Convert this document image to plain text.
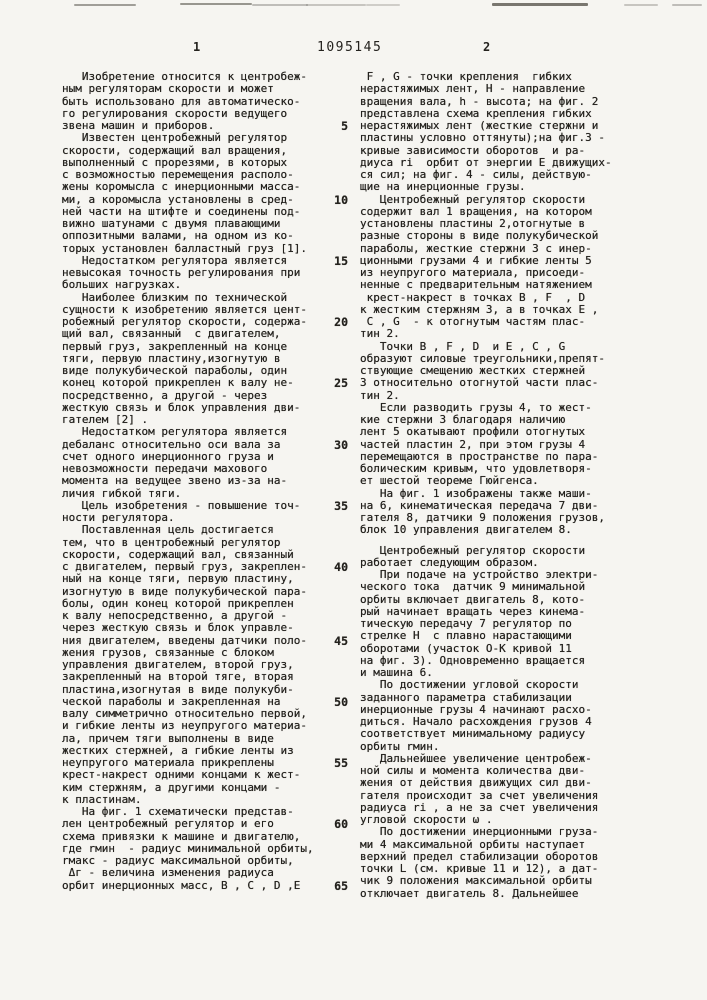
1	1095145	2
Изобретение относится к центробеж-
ным регуляторам скорости и может
быть использовано для автоматическо-
го регулирования скорости ведущего
звена машин и приборов.
Известен центробежный регулятор
скорости, содержащий вал вращения,
выполненный с прорезями, в которых
с возможностью перемещения располо-
жены коромысла с инерционными масса-
ми, а коромысла установлены в сред-
ней части на штифте и соединены под-
вижно шатунами с двумя плавающими
оппозитными валами, на одном из ко-
торых установлен балластный груз [1].
Недостатком регулятора является
невысокая точность регулирования при
больших нагрузках.
Наиболее близким по технической
сущности к изобретению является цент-
робежный регулятор скорости, содержа-
щий вал, связанный  с двигателем,
первый груз, закрепленный на конце
тяги, первую пластину,изогнутую в
виде полукубической параболы, один
конец которой прикреплен к валу не-
посредственно, а другой - через
жесткую связь и блок управления дви-
гателем [2] .
Недостатком регулятора является
дебаланс относительно оси вала за
счет одного инерционного груза и
невозможности передачи махового
момента на ведущее звено из-за на-
личия гибкой тяги.
Цель изобретения - повышение точ-
ности регулятора.
Поставленная цель достигается
тем, что в центробежный регулятор
скорости, содержащий вал, связанный
с двигателем, первый груз, закреплен-
ный на конце тяги, первую пластину,
изогнутую в виде полукубической пара-
болы, один конец которой прикреплен
к валу непосредственно, а другой -
через жесткую связь и блок управле-
ния двигателем, введены датчики поло-
жения грузов, связанные с блоком
управления двигателем, второй груз,
закрепленный на второй тяге, вторая
пластина,изогнутая в виде полукуби-
ческой параболы и закрепленная на
валу симметрично относительно первой,
и гибкие ленты из неупругого материа-
ла, причем тяги выполнены в виде
жестких стержней, а гибкие ленты из
неупругого материала прикреплены
крест-накрест одними концами к жест-
ким стержням, а другими концами -
к пластинам.
На фиг. 1 схематически представ-
лен центробежный регулятор и его
схема привязки к машине и двигателю,
где rмин  - радиус минимальной орбиты,
rмакс - радиус максимальной орбиты,
Δг - величина изменения радиуса
орбит инерционных масс, В , С , D ,Е
5
10
15
20
25
30
35
40
45
50
55
60
65
F , G - точки крепления  гибких
нерастяжимых лент, Н - направление
вращения вала, h - высота; на фиг. 2
представлена схема крепления гибких
нерастяжимых лент (жесткие стержни и
пластины условно оттянуты);на фиг.3 -
кривые зависимости оборотов  и ра-
диуса ri  орбит от энергии Е движущих-
ся сил; на фиг. 4 - силы, действую-
щие на инерционные грузы.
Центробежный регулятор скорости
содержит вал 1 вращения, на котором
установлены пластины 2,отогнутые в
разные стороны в виде полукубической
параболы, жесткие стержни 3 с инер-
ционными грузами 4 и гибкие ленты 5
из неупругого материала, присоеди-
ненные с предварительным натяжением
крест-накрест в точках В , F  , D
к жестким стержням 3, а в точках Е ,
С , G  - к отогнутым частям плас-
тин 2.
Точки В , F , D  и Е , С , G
образуют силовые треугольники,препят-
ствующие смещению жестких стержней
3 относительно отогнутой части плас-
тин 2.
Если разводить грузы 4, то жест-
кие стержни 3 благодаря наличию
лент 5 окатывают профили отогнутых
частей пластин 2, при этом грузы 4
перемещаются в пространстве по пара-
болическим кривым, что удовлетворя-
ет шестой теореме Гюйгенса.
На фиг. 1 изображены также маши-
на 6, кинематическая передача 7 дви-
гателя 8, датчики 9 положения грузов,
блок 10 управления двигателем 8.
Центробежный регулятор скорости
работает следующим образом.
При подаче на устройство электри-
ческого тока  датчик 9 минимальной
орбиты включает двигатель 8, кото-
рый начинает вращать через кинема-
тическую передачу 7 регулятор по
стрелке Н  с плавно нарастающими
оборотами (участок О-К кривой 11
на фиг. 3). Одновременно вращается
и машина 6.
По достижении угловой скорости
заданного параметра стабилизации
инерционные грузы 4 начинают расхо-
диться. Начало расхождения грузов 4
соответствует минимальному радиусу
орбиты rмин.
Дальнейшее увеличение центробеж-
ной силы и момента количества дви-
жения от действия движущих сил дви-
гателя происходит за счет увеличения
радиуса ri , а не за счет увеличения
угловой скорости ω .
По достижении инерционными груза-
ми 4 максимальной орбиты наступает
верхний предел стабилизации оборотов
точки L (см. кривые 11 и 12), а дат-
чик 9 положения максимальной орбиты
отключает двигатель 8. Дальнейшее
